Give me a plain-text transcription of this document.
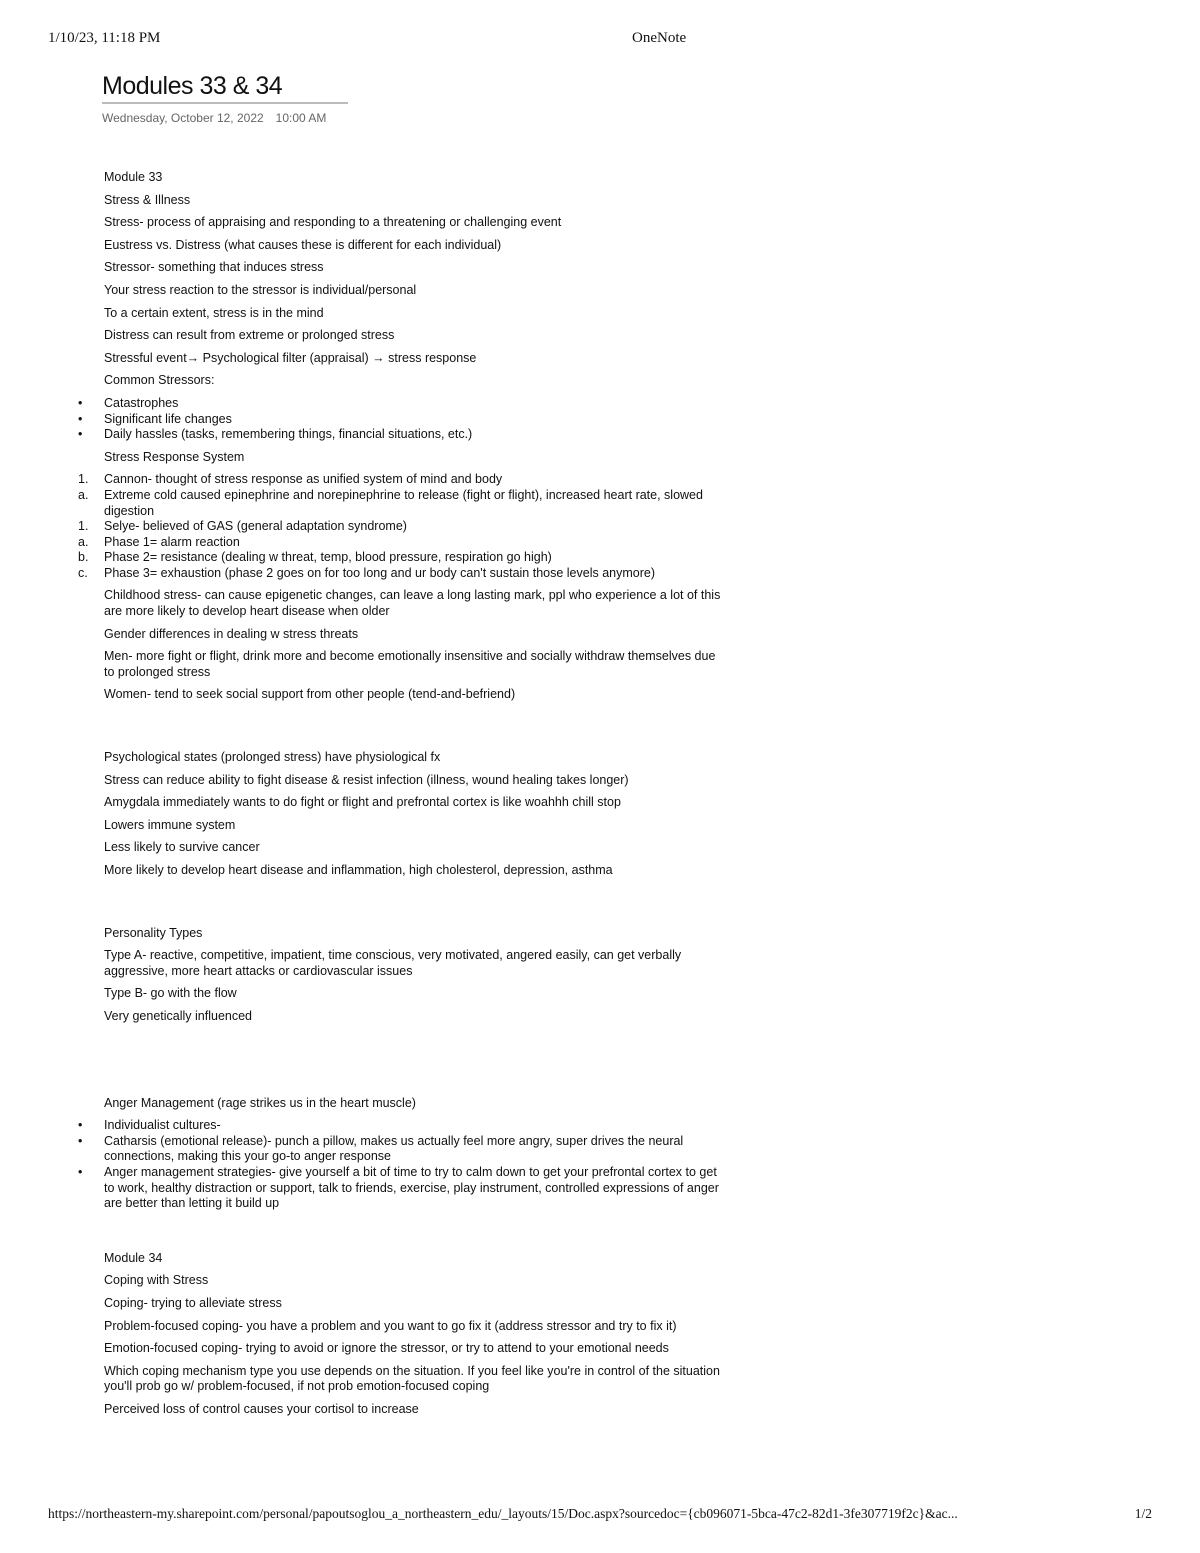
1/10/23, 11:18 PM	OneNote
Modules 33 & 34
Wednesday, October 12, 2022 10:00 AM
Module 33
Stress & Illness
Stress- process of appraising and responding to a threatening or challenging event
Eustress vs. Distress (what causes these is different for each individual)
Stressor- something that induces stress
Your stress reaction to the stressor is individual/personal
To a certain extent, stress is in the mind
Distress can result from extreme or prolonged stress
Stressful event→ Psychological filter (appraisal) → stress response
Common Stressors:
•	Catastrophes
•	Significant life changes
•	Daily hassles (tasks, remembering things, financial situations, etc.)
Stress Response System
1.	Cannon- thought of stress response as unified system of mind and body
a.	Extreme cold caused epinephrine and norepinephrine to release (fight or flight), increased heart rate, slowed digestion
1.	Selye- believed of GAS (general adaptation syndrome)
a.	Phase 1= alarm reaction
b.	Phase 2= resistance (dealing w threat, temp, blood pressure, respiration go high)
c.	Phase 3= exhaustion (phase 2 goes on for too long and ur body can't sustain those levels anymore)
Childhood stress- can cause epigenetic changes, can leave a long lasting mark, ppl who experience a lot of this are more likely to develop heart disease when older
Gender differences in dealing w stress threats
Men- more fight or flight, drink more and become emotionally insensitive and socially withdraw themselves due to prolonged stress
Women- tend to seek social support from other people (tend-and-befriend)
Psychological states (prolonged stress) have physiological fx
Stress can reduce ability to fight disease & resist infection (illness, wound healing takes longer)
Amygdala immediately wants to do fight or flight and prefrontal cortex is like woahhh chill stop
Lowers immune system
Less likely to survive cancer
More likely to develop heart disease and inflammation, high cholesterol, depression, asthma
Personality Types
Type A- reactive, competitive, impatient, time conscious, very motivated, angered easily, can get verbally aggressive, more heart attacks or cardiovascular issues
Type B- go with the flow
Very genetically influenced
Anger Management (rage strikes us in the heart muscle)
•	Individualist cultures-
•	Catharsis (emotional release)- punch a pillow, makes us actually feel more angry, super drives the neural connections, making this your go-to anger response
•	Anger management strategies- give yourself a bit of time to try to calm down to get your prefrontal cortex to get to work, healthy distraction or support, talk to friends, exercise, play instrument, controlled expressions of anger are better than letting it build up
Module 34
Coping with Stress
Coping- trying to alleviate stress
Problem-focused coping- you have a problem and you want to go fix it (address stressor and try to fix it)
Emotion-focused coping- trying to avoid or ignore the stressor, or try to attend to your emotional needs
Which coping mechanism type you use depends on the situation. If you feel like you're in control of the situation you'll prob go w/ problem-focused, if not prob emotion-focused coping
Perceived loss of control causes your cortisol to increase
https://northeastern-my.sharepoint.com/personal/papoutsoglou_a_northeastern_edu/_layouts/15/Doc.aspx?sourcedoc={cb096071-5bca-47c2-82d1-3fe307719f2c}&ac...	1/2
